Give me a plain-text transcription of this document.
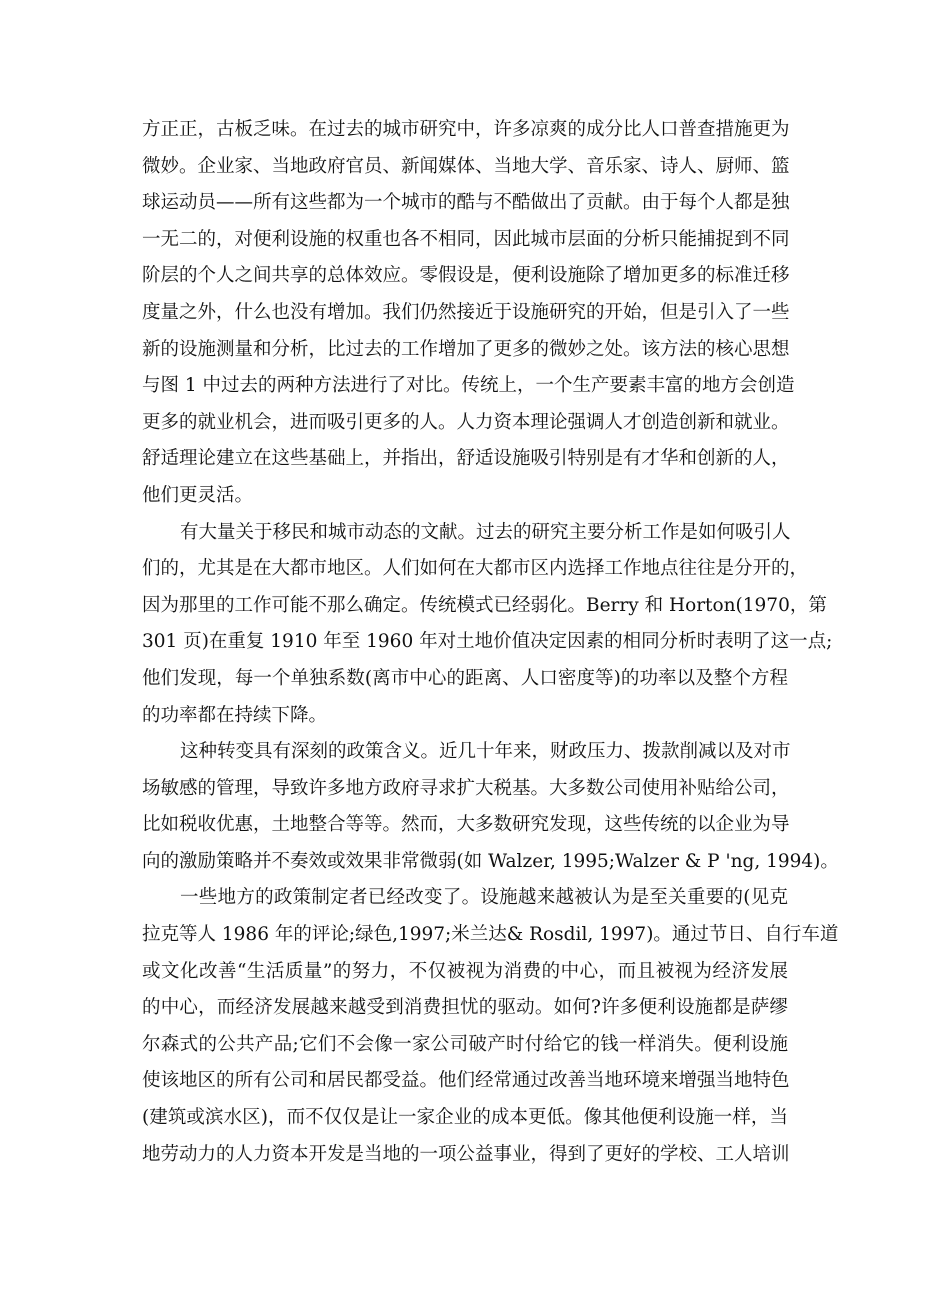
方正正，古板乏味。在过去的城市研究中，许多凉爽的成分比人口普查措施更为
微妙。企业家、当地政府官员、新闻媒体、当地大学、音乐家、诗人、厨师、篮
球运动员——所有这些都为一个城市的酷与不酷做出了贡献。由于每个人都是独
一无二的，对便利设施的权重也各不相同，因此城市层面的分析只能捕捉到不同
阶层的个人之间共享的总体效应。零假设是，便利设施除了增加更多的标准迁移
度量之外，什么也没有增加。我们仍然接近于设施研究的开始，但是引入了一些
新的设施测量和分析，比过去的工作增加了更多的微妙之处。该方法的核心思想
与图 1 中过去的两种方法进行了对比。传统上，一个生产要素丰富的地方会创造
更多的就业机会，进而吸引更多的人。人力资本理论强调人才创造创新和就业。
舒适理论建立在这些基础上，并指出，舒适设施吸引特别是有才华和创新的人，
他们更灵活。
有大量关于移民和城市动态的文献。过去的研究主要分析工作是如何吸引人
们的，尤其是在大都市地区。人们如何在大都市区内选择工作地点往往是分开的，
因为那里的工作可能不那么确定。传统模式已经弱化。Berry 和 Horton(1970，第
301 页)在重复 1910 年至 1960 年对土地价值决定因素的相同分析时表明了这一点;
他们发现，每一个单独系数(离市中心的距离、人口密度等)的功率以及整个方程
的功率都在持续下降。
这种转变具有深刻的政策含义。近几十年来，财政压力、拨款削减以及对市
场敏感的管理，导致许多地方政府寻求扩大税基。大多数公司使用补贴给公司，
比如税收优惠，土地整合等等。然而，大多数研究发现，这些传统的以企业为导
向的激励策略并不奏效或效果非常微弱(如 Walzer, 1995;Walzer & P 'ng, 1994)。
一些地方的政策制定者已经改变了。设施越来越被认为是至关重要的(见克
拉克等人 1986 年的评论;绿色,1997;米兰达& Rosdil, 1997)。通过节日、自行车道
或文化改善“生活质量”的努力，不仅被视为消费的中心，而且被视为经济发展
的中心，而经济发展越来越受到消费担忧的驱动。如何?许多便利设施都是萨缪
尔森式的公共产品;它们不会像一家公司破产时付给它的钱一样消失。便利设施
使该地区的所有公司和居民都受益。他们经常通过改善当地环境来增强当地特色
(建筑或滨水区)，而不仅仅是让一家企业的成本更低。像其他便利设施一样，当
地劳动力的人力资本开发是当地的一项公益事业，得到了更好的学校、工人培训
